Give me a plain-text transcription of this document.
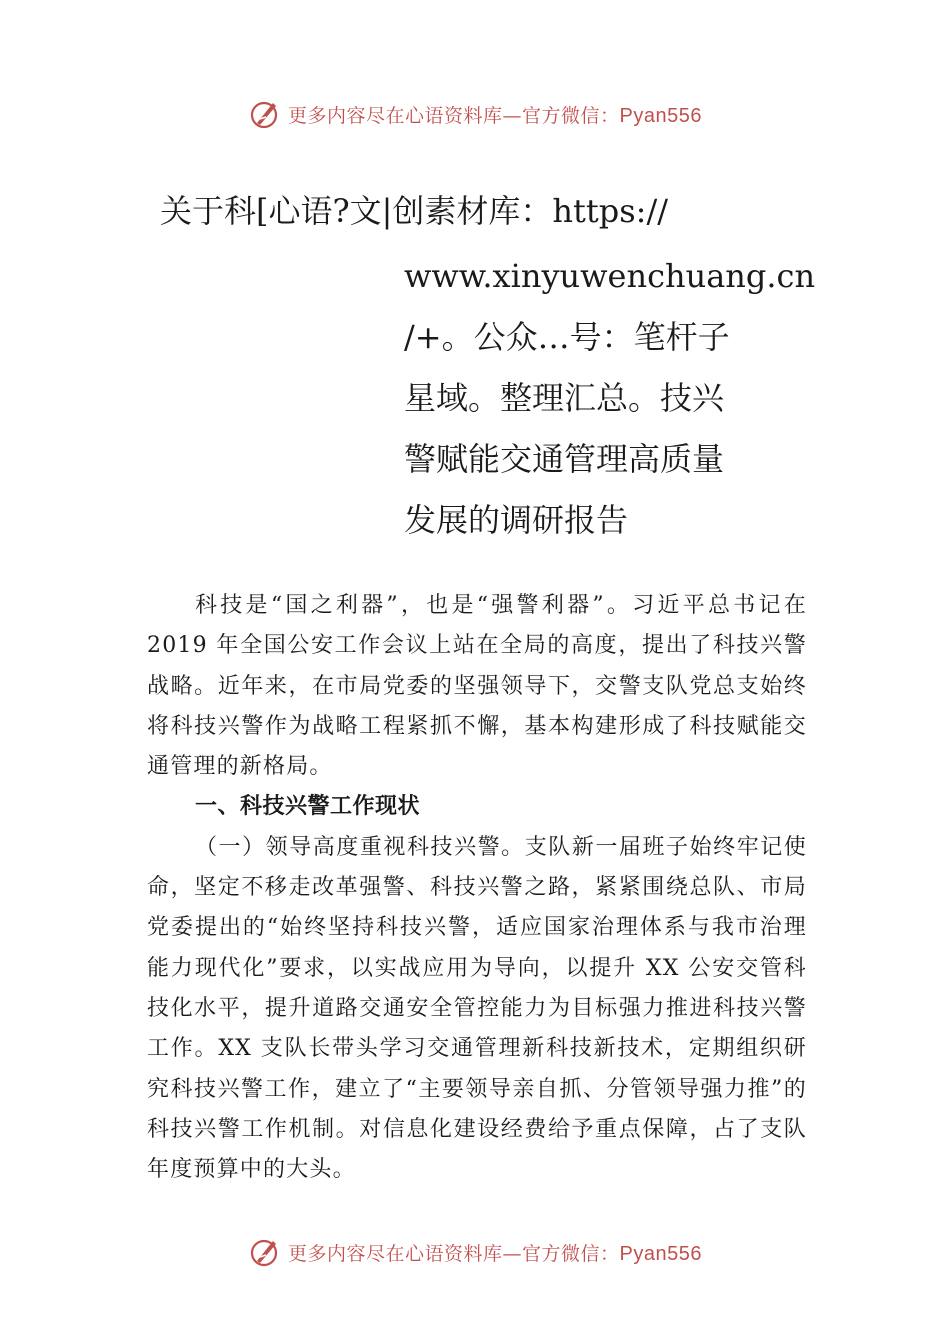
更多内容尽在心语资料库—官方微信：Pyan556
关于科[心语?文|创素材库：https://
www.xinyuwenchuang.cn
/+。公众…号：笔杆子
星域。整理汇总。技兴
警赋能交通管理高质量
发展的调研报告

科技是“国之利器”，也是“强警利器”。习近平总书记在 2019 年全国公安工作会议上站在全局的高度，提出了科技兴警战略。近年来，在市局党委的坚强领导下，交警支队党总支始终将科技兴警作为战略工程紧抓不懈，基本构建形成了科技赋能交通管理的新格局。

一、科技兴警工作现状

（一）领导高度重视科技兴警。支队新一届班子始终牢记使命，坚定不移走改革强警、科技兴警之路，紧紧围绕总队、市局党委提出的“始终坚持科技兴警，适应国家治理体系与我市治理能力现代化”要求，以实战应用为导向，以提升 XX 公安交管科技化水平，提升道路交通安全管控能力为目标强力推进科技兴警工作。XX 支队长带头学习交通管理新科技新技术，定期组织研究科技兴警工作，建立了“主要领导亲自抓、分管领导强力推”的科技兴警工作机制。对信息化建设经费给予重点保障，占了支队年度预算中的大头。

更多内容尽在心语资料库—官方微信：Pyan556
